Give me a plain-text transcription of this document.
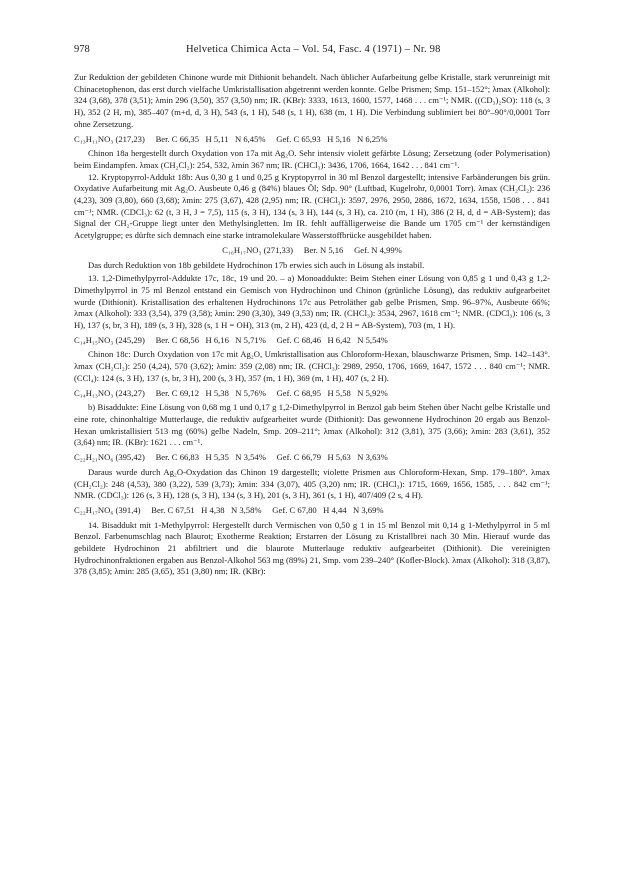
978	Helvetica Chimica Acta – Vol. 54, Fasc. 4 (1971) – Nr. 98

Zur Reduktion der gebildeten Chinone wurde mit Dithionit behandelt. Nach üblicher Aufarbeitung gelbe Kristalle, stark verunreinigt mit Chinacetophenon, das erst durch vielfache Umkristallisation abgetrennt werden konnte. Gelbe Prismen; Smp. 151–152°; λmax (Alkohol): 324 (3,68), 378 (3,51); λmin 296 (3,50), 357 (3,50) nm; IR. (KBr): 3333, 1613, 1600, 1577, 1468 . . . cm⁻¹; NMR. ((CD₃)₂SO): 118 (s, 3 H), 352 (2 H, m), 385–407 (m+d, d, 3 H), 543 (s, 1 H), 548 (s, 1 H), 638 (m, 1 H). Die Verbindung sublimiert bei 80°–90°/0,0001 Torr ohne Zersetzung.

C₁₃H₁₁NO₃ (217,23)     Ber. C 66,35   H 5,11   N 6,45%     Gef. C 65,93   H 5,16   N 6,25%

Chinon 18a hergestellt durch Oxydation von 17a mit Ag₂O. Sehr intensiv violett gefärbte Lösung; Zersetzung (oder Polymerisation) beim Eindampfen. λmax (CH₂Cl₂): 254, 532, λmin 367 nm; IR. (CHCl₃): 3436, 1706, 1664, 1642 . . . 841 cm⁻¹.

12. Kryptopyrrol-Addukt 18b: Aus 0,30 g 1 und 0,25 g Kryptopyrrol in 30 ml Benzol dargestellt; intensive Farbänderungen bis grün. Oxydative Aufarbeitung mit Ag₂O. Ausbeute 0,46 g (84%) blaues Öl; Sdp. 90° (Luftbad, Kugelrohr, 0,0001 Torr). λmax (CH₂Cl₂): 236 (4,23), 309 (3,80), 660 (3,68); λmin: 275 (3,67), 428 (2,95) nm; IR. (CHCl₃): 3597, 2976, 2950, 2886, 1672, 1634, 1558, 1508 . . . 841 cm⁻¹; NMR. (CDCl₃): 62 (t, 3 H, J = 7,5), 115 (s, 3 H), 134 (s, 3 H), 144 (s, 3 H), ca. 210 (m, 1 H), 386 (2 H, d, d = AB-System); das Signal der CH₂-Gruppe liegt unter den Methylsingletten. Im IR. fehlt auffälligerweise die Bande um 1705 cm⁻¹ der kernständigen Acetylgruppe; es dürfte sich demnach eine starke intramolekulare Wasserstoffbrücke ausgebildet haben.

C₁₆H₁₇NO₃ (271,33)     Ber. N 5,16     Gef. N 4,99%

Das durch Reduktion von 18b gebildete Hydrochinon 17b erwies sich auch in Lösung als instabil.

13. 1,2-Dimethylpyrrol-Addukte 17c, 18c, 19 und 20. – a) Monoaddukte: Beim Stehen einer Lösung von 0,85 g 1 und 0,43 g 1,2-Dimethylpyrrol in 75 ml Benzol entstand ein Gemisch von Hydrochinon und Chinon (grünliche Lösung), das reduktiv aufgearbeitet wurde (Dithionit). Kristallisation des erhaltenen Hydrochinons 17c aus Petroläther gab gelbe Prismen, Smp. 96–97%, Ausbeute 66%; λmax (Alkohol): 333 (3,54), 379 (3,58); λmin: 290 (3,30), 349 (3,53) nm; IR. (CHCl₃): 3534, 2967, 1618 cm⁻¹; NMR. (CDCl₃): 106 (s, 3 H), 137 (s, br, 3 H), 189 (s, 3 H), 328 (s, 1 H = OH), 313 (m, 2 H), 423 (d, d, 2 H = AB-System), 703 (m, 1 H).

C₁₄H₁₅NO₃ (245,29)     Ber. C 68,56   H 6,16   N 5,71%     Gef. C 68,46   H 6,42   N 5,54%

Chinon 18c: Durch Oxydation von 17c mit Ag₂O, Umkristallisation aus Chloroform-Hexan, blauschwarze Prismen, Smp. 142–143°. λmax (CH₂Cl₂): 250 (4,24), 570 (3,62); λmin: 359 (2,08) nm; IR. (CHCl₃): 2989, 2950, 1706, 1669, 1647, 1572 . . . 840 cm⁻¹; NMR. (CCl₄): 124 (s, 3 H), 137 (s, br, 3 H), 200 (s, 3 H), 357 (m, 1 H), 369 (m, 1 H), 407 (s, 2 H).

C₁₄H₁₃NO₃ (243,27)     Ber. C 69,12   H 5,38   N 5,76%     Gef. C 68,95   H 5,58   N 5,92%

b) Bisaddukte: Eine Lösung von 0,68 mg 1 und 0,17 g 1,2-Dimethylpyrrol in Benzol gab beim Stehen über Nacht gelbe Kristalle und eine rote, chinonhaltige Mutterlauge, die reduktiv aufgearbeitet wurde (Dithionit): Das gewonnene Hydrochinon 20 ergab aus Benzol-Hexan umkristallisiert 513 mg (60%) gelbe Nadeln, Smp. 209–211°; λmax (Alkohol): 312 (3,81), 375 (3,66); λmin: 283 (3,61), 352 (3,64) nm; IR. (KBr): 1621 . . . cm⁻¹.

C₂₂H₂₁NO₆ (395,42)     Ber. C 66,83   H 5,35   N 3,54%     Gef. C 66,79   H 5,63   N 3,63%

Daraus wurde durch Ag₂O-Oxydation das Chinon 19 dargestellt; violette Prismen aus Chloroform-Hexan, Smp. 179–180°. λmax (CH₂Cl₂): 248 (4,53), 380 (3,22), 539 (3,73); λmin: 334 (3,07), 405 (3,20) nm; IR. (CHCl₃): 1715, 1669, 1656, 1585, . . . 842 cm⁻¹; NMR. (CDCl₃): 126 (s, 3 H), 128 (s, 3 H), 134 (s, 3 H), 201 (s, 3 H), 361 (s, 1 H), 407/409 (2 s, 4 H).

C₂₂H₁₇NO₆ (391,4)     Ber. C 67,51   H 4,38   N 3,58%     Gef. C 67,80   H 4,44   N 3,69%

14. Bisaddukt mit 1-Methylpyrrol: Hergestellt durch Vermischen von 0,50 g 1 in 15 ml Benzol mit 0,14 g 1-Methylpyrrol in 5 ml Benzol. Farbenumschlag nach Blaurot; Exotherme Reaktion; Erstarren der Lösung zu Kristallbrei nach 30 Min. Hierauf wurde das gebildete Hydrochinon 21 abfiltriert und die blaurote Mutterlauge reduktiv aufgearbeitet (Dithionit). Die vereinigten Hydrochinonfraktionen ergaben aus Benzol-Alkohol 563 mg (89%) 21, Smp. vom 239–240° (Kofler-Block). λmax (Alkohol): 318 (3,87), 378 (3,85); λmin: 285 (3,65), 351 (3,80) nm; IR. (KBr):
